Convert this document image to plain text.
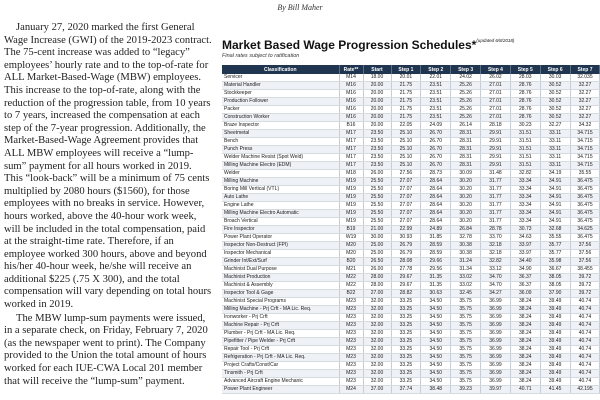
By Bill Maher

January 27, 2020 marked the first General Wage Increase (GWI) of the 2019-2023 contract. The 75-cent increase was added to “legacy” employees’ hourly rate and to the top-of-rate for ALL Market-Based-Wage (MBW) employees. This increase to the top-of-rate, along with the reduction of the progression table, from 10 years to 7 years, increased the compensation at each step of the 7-year progression. Additionally, the Market-Based-Wage Agreement provides that ALL MBW employees will receive a “lump-sum” payment for all hours worked in 2019. This “look-back” will be a minimum of 75 cents multiplied by 2080 hours ($1560), for those employees with no breaks in service. However, hours worked, above the 40-hour work week, will be included in the total compensation, paid at the straight-time rate. Therefore, if an employee worked 300 hours, above and beyond his/her 40-hour week, he/she will receive an additional $225 (.75 X 300), and the total compensation will vary depending on total hours worked in 2019.

The MBW lump-sum payments were issued, in a separate check, on Friday, February 7, 2020 (as the newspaper went to print). The Company provided to the Union the total amount of hours worked for each IUE-CWA Local 201 member that will receive the “lump-sum” payment.

Market Based Wage Progression Schedules*$^{(updated 6/8/2018)}$
Final rates subject to ratification
Classification	Rate**	Start	Step 1	Step 2	Step 3	Step 4	Step 5	Step 6	Step 7
Servicer	M14	18.00	20.01	22.01	24.02	26.02	28.03	30.03	32.035
Material Handler	M16	20.00	21.75	23.51	25.26	27.01	28.76	30.52	32.27
Stockkeeper	M16	20.00	21.75	23.51	25.26	27.01	28.76	30.52	32.27
Production Follower	M16	20.00	21.75	23.51	25.26	27.01	28.76	30.52	32.27
Packer	M16	20.00	21.75	23.51	25.26	27.01	28.76	30.52	32.27
Construction Worker	M16	20.00	21.75	23.51	25.26	27.01	28.76	30.52	32.27
Braze Inspector	B16	20.00	22.05	24.09	26.14	28.18	30.23	32.27	34.32
Sheetmetal	M17	23.50	25.10	26.70	28.31	29.91	31.51	33.11	34.715
Bench	M17	23.50	25.10	26.70	28.31	29.91	31.51	33.11	34.715
Punch Press	M17	23.50	25.10	26.70	28.31	29.91	31.51	33.11	34.715
Welder Machine Resist (Spot Weld)	M17	23.50	25.10	26.70	28.31	29.91	31.51	33.11	34.715
Milling Machine Electro (EDM)	M17	23.50	25.10	26.70	28.31	29.91	31.51	33.11	34.715
Welder	M18	26.00	27.56	28.73	30.09	31.48	32.82	34.19	35.55
Milling Machine	M19	25.50	27.07	28.64	30.20	31.77	33.34	34.91	36.475
Boring Mill Vertical (VTL)	M19	25.50	27.07	28.64	30.20	31.77	33.34	34.91	36.475
Auto Lathe	M19	25.50	27.07	28.64	30.20	31.77	33.34	34.91	36.475
Engine Lathe	M19	25.50	27.07	28.64	30.20	31.77	33.34	34.91	36.475
Milling Machine Electro Automatic	M19	25.50	27.07	28.64	30.20	31.77	33.34	34.91	36.475
Broach Vertical	M19	25.50	27.07	28.64	30.20	31.77	33.34	34.91	36.475
Fire Inspector	B19	21.00	22.99	24.89	26.84	28.78	30.73	32.68	34.625
Power Plant Operator	W19	30.00	30.93	31.85	32.78	33.70	34.63	35.55	36.475
Inspector Non-Destruct (FPI)	M20	25.00	26.79	28.59	30.38	32.18	33.97	35.77	37.56
Inspector Mechanical	M20	25.00	26.79	28.59	30.38	32.18	33.97	35.77	37.56
Grinder Int/Ext/Surf	B20	26.50	28.08	29.66	31.24	32.82	34.40	35.98	37.56
Machinist Dual Purpose	M21	26.00	27.78	29.56	31.34	33.12	34.90	36.67	38.455
Machinist Production	M22	28.00	29.67	31.35	33.02	34.70	36.37	38.05	39.72
Machinist & Assembly	M22	28.00	29.67	31.35	33.02	34.70	36.37	38.05	39.72
Inspector Tool & Gage	B22	27.00	28.82	30.63	32.45	34.27	36.09	37.90	39.72
Machinist Special Programs	M23	32.00	33.25	34.50	35.75	36.99	38.24	39.49	40.74
Milling Machine - Prj Crft - MA Lic. Req.	M23	32.00	33.25	34.50	35.75	36.99	38.24	39.49	40.74
Ironworker - Prj Crft	M23	32.00	33.25	34.50	35.75	36.99	38.24	39.49	40.74
Machine Repair - Prj Crft	M23	32.00	33.25	34.50	35.75	36.99	38.24	39.49	40.74
Plumber - Prj Crft - MA Lic. Req.	M23	32.00	33.25	34.50	35.75	36.99	38.24	39.49	40.74
Pipefitter / Pipe Welder - Prj Crft	M23	32.00	33.25	34.50	35.75	36.99	38.24	39.49	40.74
Repair Tool - Prj Crft	M23	32.00	33.25	34.50	35.75	36.99	38.24	39.49	40.74
Refrigeration - Prj Crft - MA Lic. Req.	M23	32.00	33.25	34.50	35.75	36.99	38.24	39.49	40.74
Project Crafts/Const/Car	M23	32.00	33.25	34.50	35.75	36.99	38.24	39.49	40.74
Tinsmith - Prj Crft	M23	32.00	33.25	34.50	35.75	36.99	38.24	39.49	40.74
Advanced Aircraft Engine Mechanic	M23	32.00	33.25	34.50	35.75	36.99	38.24	39.49	40.74
Power Plant Engineer	M24	37.00	37.74	38.48	39.23	39.97	40.71	41.45	42.195
